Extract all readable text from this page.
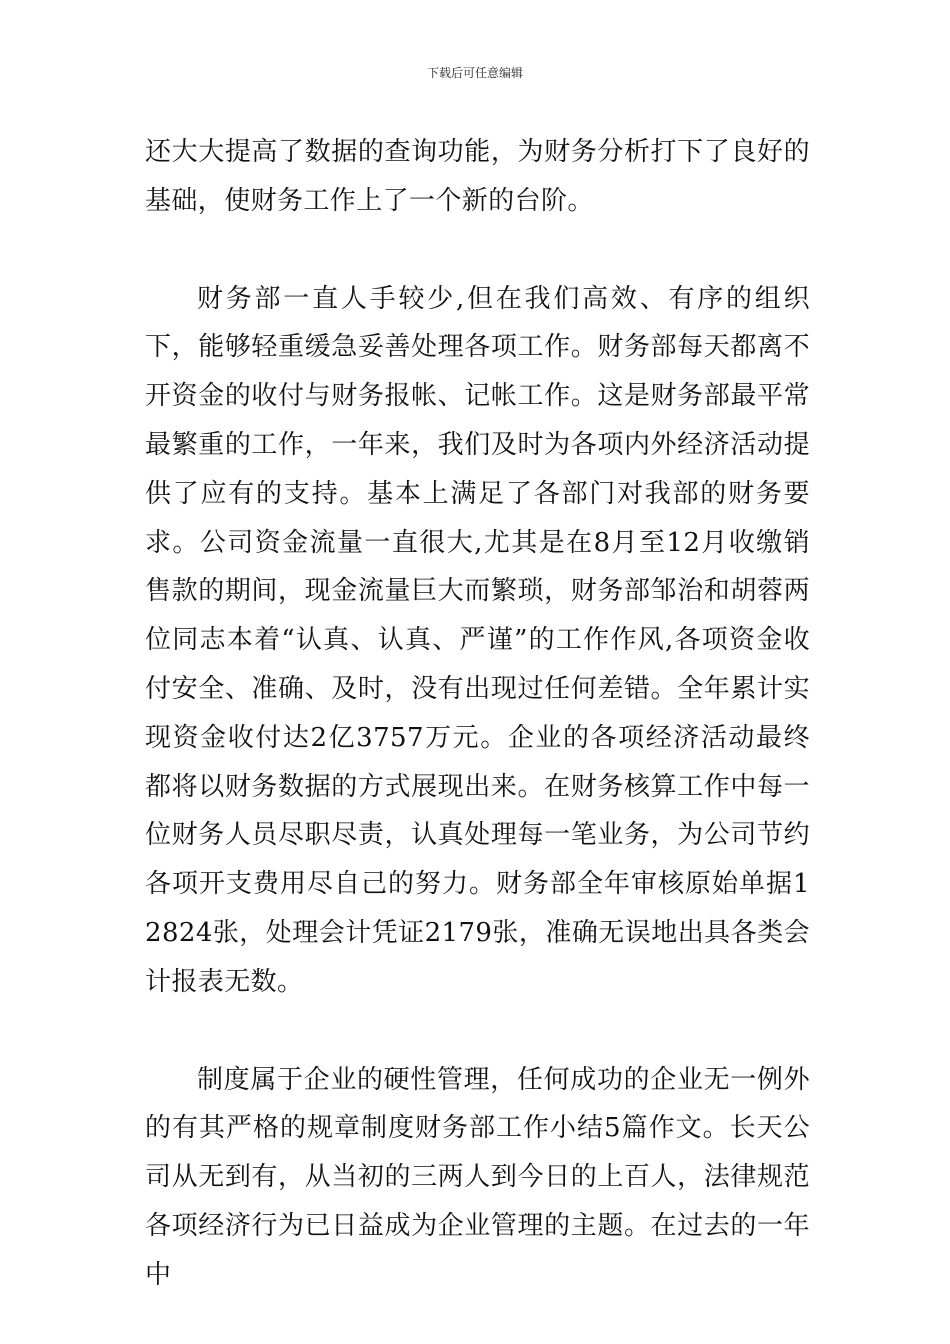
下载后可任意编辑

还大大提高了数据的查询功能，为财务分析打下了良好的基础，使财务工作上了一个新的台阶。

财务部一直人手较少,但在我们高效、有序的组织下，能够轻重缓急妥善处理各项工作。财务部每天都离不开资金的收付与财务报帐、记帐工作。这是财务部最平常最繁重的工作，一年来，我们及时为各项内外经济活动提供了应有的支持。基本上满足了各部门对我部的财务要求。公司资金流量一直很大,尤其是在8月至12月收缴销售款的期间，现金流量巨大而繁琐，财务部邹治和胡蓉两位同志本着“认真、认真、严谨”的工作作风,各项资金收付安全、准确、及时，没有出现过任何差错。全年累计实现资金收付达2亿3757万元。企业的各项经济活动最终都将以财务数据的方式展现出来。在财务核算工作中每一位财务人员尽职尽责，认真处理每一笔业务，为公司节约各项开支费用尽自己的努力。财务部全年审核原始单据12824张，处理会计凭证2179张，准确无误地出具各类会计报表无数。

制度属于企业的硬性管理，任何成功的企业无一例外的有其严格的规章制度财务部工作小结5篇作文。长天公司从无到有，从当初的三两人到今日的上百人，法律规范各项经济行为已日益成为企业管理的主题。在过去的一年中
